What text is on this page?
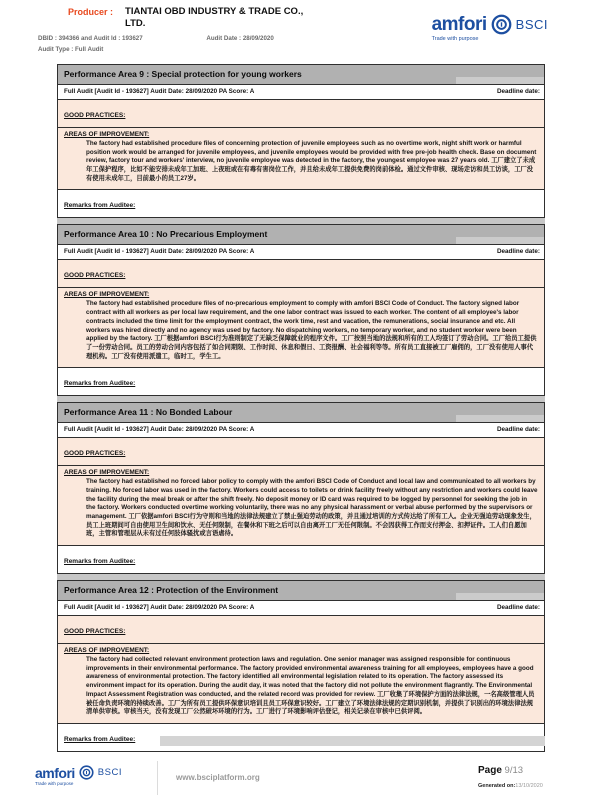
Producer : TIANTAI OBD INDUSTRY & TRADE CO., LTD.
DBID : 394366 and Audit Id : 193627	Audit Date : 28/09/2020
Audit Type : Full Audit
amfori BSCI
Trade with purpose
Performance Area 9 : Special protection for young workers
Full Audit [Audit Id - 193627] Audit Date: 28/09/2020 PA Score: A	Deadline date:
GOOD PRACTICES:
AREAS OF IMPROVEMENT:
The factory had established procedure files of concerning protection of juvenile employees such as no overtime work, night shift work or harmful position work would be arranged for juvenile employees, and juvenile employees would be provided with free pre-job health check. Base on document review, factory tour and workers' interview, no juvenile employee was detected in the factory, the youngest employee was 27 years old. 工厂建立了未成年工保护程序，比如不能安排未成年工加班、上夜班或在有毒有害岗位工作，并且给未成年工提供免费的岗前体检。通过文件审核、现场走访和员工访谈，工厂没有使用未成年工，目前最小的员工27岁。
Remarks from Auditee:
Performance Area 10 : No Precarious Employment
Full Audit [Audit Id - 193627] Audit Date: 28/09/2020 PA Score: A	Deadline date:
GOOD PRACTICES:
AREAS OF IMPROVEMENT:
The factory had established procedure files of no-precarious employment to comply with amfori BSCI Code of Conduct. The factory signed labor contract with all workers as per local law requirement, and the one labor contract was issued to each worker. The content of all employee's labor contracts included the time limit for the employment contract, the work time, rest and vacation, the remunerations, social insurance and etc. All workers was hired directly and no agency was used by factory. No dispatching workers, no temporary worker, and no student worker were been applied by the factory. 工厂根据amfori BSCI行为准则制定了无缺乏保障就业的程序文件。工厂按照当地的法规和所有的工人均签订了劳动合同。工厂给员工提供了一份劳动合同。员工的劳动合同内容包括了如合同期限、工作时间、休息和假日、工资报酬、社会福利等等。所有员工直接被工厂雇佣的，工厂没有使用人事代理机构。工厂没有使用派遣工，临时工，学生工。
Remarks from Auditee:
Performance Area 11 : No Bonded Labour
Full Audit [Audit Id - 193627] Audit Date: 28/09/2020 PA Score: A	Deadline date:
GOOD PRACTICES:
AREAS OF IMPROVEMENT:
The factory had established no forced labor policy to comply with the amfori BSCI Code of Conduct and local law and communicated to all workers by training. No forced labor was used in the factory. Workers could access to toilets or drink facility freely without any restriction and workers could leave the facility during the meal break or after the shift freely. No deposit money or ID card was required to be logged by personnel for seeking the job in the factory. Workers conducted overtime working voluntarily, there was no any physical harassment or verbal abuse performed by the supervisors or management. 工厂依据amfori BSCI行为守则和当地的法律法规建立了禁止强迫劳动的政策，并且通过培训的方式传达给了所有工人。企业无强迫劳动现象发生，员工上班期间可自由使用卫生间和饮水、无任何限制，在餐休和下班之后可以自由离开工厂无任何限制。不会因获得工作而支付押金、扣押证件。工人们自愿加班，主管和管理层从未有过任何肢体骚扰或言语虐待。
Remarks from Auditee:
Performance Area 12 : Protection of the Environment
Full Audit [Audit Id - 193627] Audit Date: 28/09/2020 PA Score: A	Deadline date:
GOOD PRACTICES:
AREAS OF IMPROVEMENT:
The factory had collected relevant environment protection laws and regulation. One senior manager was assigned responsible for continuous improvements in their environmental performance. The factory provided environmental awareness training for all employees, employees have a good awareness of environmental protection. The factory identified all environmental legislation related to its operation. The factory assessed its environment impact for its operation. During the audit day, it was noted that the factory did not pollute the environment flagrantly. The Environmental Impact Assessment Registration was conducted, and the related record was provided for review. 工厂收集了环境保护方面的法律法规，一名高级管理人员被任命负责环境的持续改善。工厂为所有员工提供环保意识培训且员工环保意识较好。工厂建立了环境法律法规的定期识别机制，并提供了识别出的环境法律法规清单供审核。审核当天，没有发现工厂公然破坏环境的行为。工厂进行了环境影响评估登记，相关记录在审核中已供评阅。
Remarks from Auditee:
amfori BSCI
Trade with purpose
www.bsciplatform.org
Page 9/13
Generated on:13/10/2020
